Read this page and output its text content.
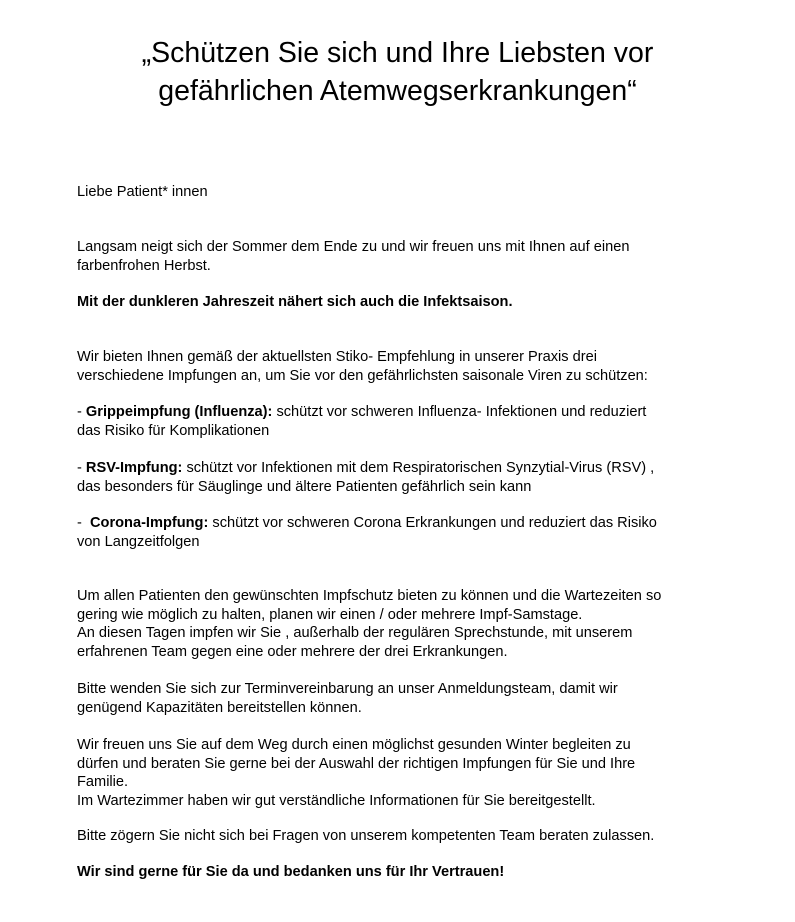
„Schützen Sie sich und Ihre Liebsten vor
gefährlichen Atemwegserkrankungen“

Liebe Patient* innen

Langsam neigt sich der Sommer dem Ende zu und wir freuen uns mit Ihnen auf einen
farbenfrohen Herbst.

Mit der dunkleren Jahreszeit nähert sich auch die Infektsaison.

Wir bieten Ihnen gemäß der aktuellsten Stiko- Empfehlung in unserer Praxis drei
verschiedene Impfungen an, um Sie vor den gefährlichsten saisonale Viren zu schützen:

- Grippeimpfung (Influenza): schützt vor schweren Influenza- Infektionen und reduziert
das Risiko für Komplikationen

- RSV-Impfung: schützt vor Infektionen mit dem Respiratorischen Synzytial-Virus (RSV) ,
das besonders für Säuglinge und ältere Patienten gefährlich sein kann

-  Corona-Impfung: schützt vor schweren Corona Erkrankungen und reduziert das Risiko
von Langzeitfolgen

Um allen Patienten den gewünschten Impfschutz bieten zu können und die Wartezeiten so
gering wie möglich zu halten, planen wir einen / oder mehrere Impf-Samstage.
An diesen Tagen impfen wir Sie , außerhalb der regulären Sprechstunde, mit unserem
erfahrenen Team gegen eine oder mehrere der drei Erkrankungen.

Bitte wenden Sie sich zur Terminvereinbarung an unser Anmeldungsteam, damit wir
genügend Kapazitäten bereitstellen können.

Wir freuen uns Sie auf dem Weg durch einen möglichst gesunden Winter begleiten zu
dürfen und beraten Sie gerne bei der Auswahl der richtigen Impfungen für Sie und Ihre
Familie.
Im Wartezimmer haben wir gut verständliche Informationen für Sie bereitgestellt.

Bitte zögern Sie nicht sich bei Fragen von unserem kompetenten Team beraten zulassen.

Wir sind gerne für Sie da und bedanken uns für Ihr Vertrauen!
